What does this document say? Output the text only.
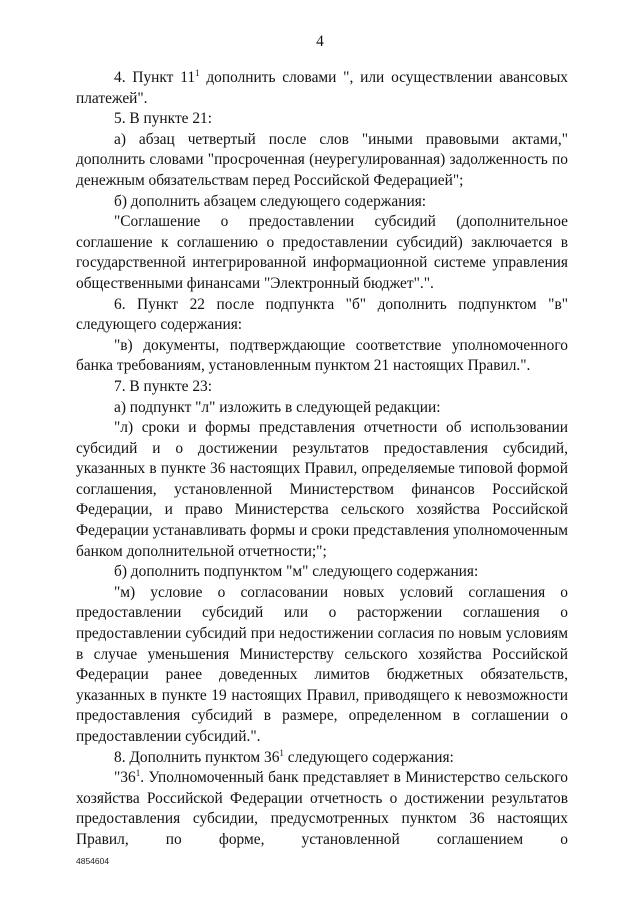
4

4. Пункт $11^1$ дополнить словами ", или осуществлении авансовых платежей".

5. В пункте 21:

а) абзац четвертый после слов "иными правовыми актами," дополнить словами "просроченная (неурегулированная) задолженность по денежным обязательствам перед Российской Федерацией";

б) дополнить абзацем следующего содержания:

"Соглашение о предоставлении субсидий (дополнительное соглашение к соглашению о предоставлении субсидий) заключается в государственной интегрированной информационной системе управления общественными финансами "Электронный бюджет".".

6. Пункт 22 после подпункта "б" дополнить подпунктом "в" следующего содержания:

"в) документы, подтверждающие соответствие уполномоченного банка требованиям, установленным пунктом 21 настоящих Правил.".

7. В пункте 23:

а) подпункт "л" изложить в следующей редакции:

"л) сроки и формы представления отчетности об использовании субсидий и о достижении результатов предоставления субсидий, указанных в пункте 36 настоящих Правил, определяемые типовой формой соглашения, установленной Министерством финансов Российской Федерации, и право Министерства сельского хозяйства Российской Федерации устанавливать формы и сроки представления уполномоченным банком дополнительной отчетности;";

б) дополнить подпунктом "м" следующего содержания:

"м) условие о согласовании новых условий соглашения о предоставлении субсидий или о расторжении соглашения о предоставлении субсидий при недостижении согласия по новым условиям в случае уменьшения Министерству сельского хозяйства Российской Федерации ранее доведенных лимитов бюджетных обязательств, указанных в пункте 19 настоящих Правил, приводящего к невозможности предоставления субсидий в размере, определенном в соглашении о предоставлении субсидий.".

8. Дополнить пунктом $36^1$ следующего содержания:

"$36^1$. Уполномоченный банк представляет в Министерство сельского хозяйства Российской Федерации отчетность о достижении результатов предоставления субсидии, предусмотренных пунктом 36 настоящих Правил, по форме, установленной соглашением о

4854604
